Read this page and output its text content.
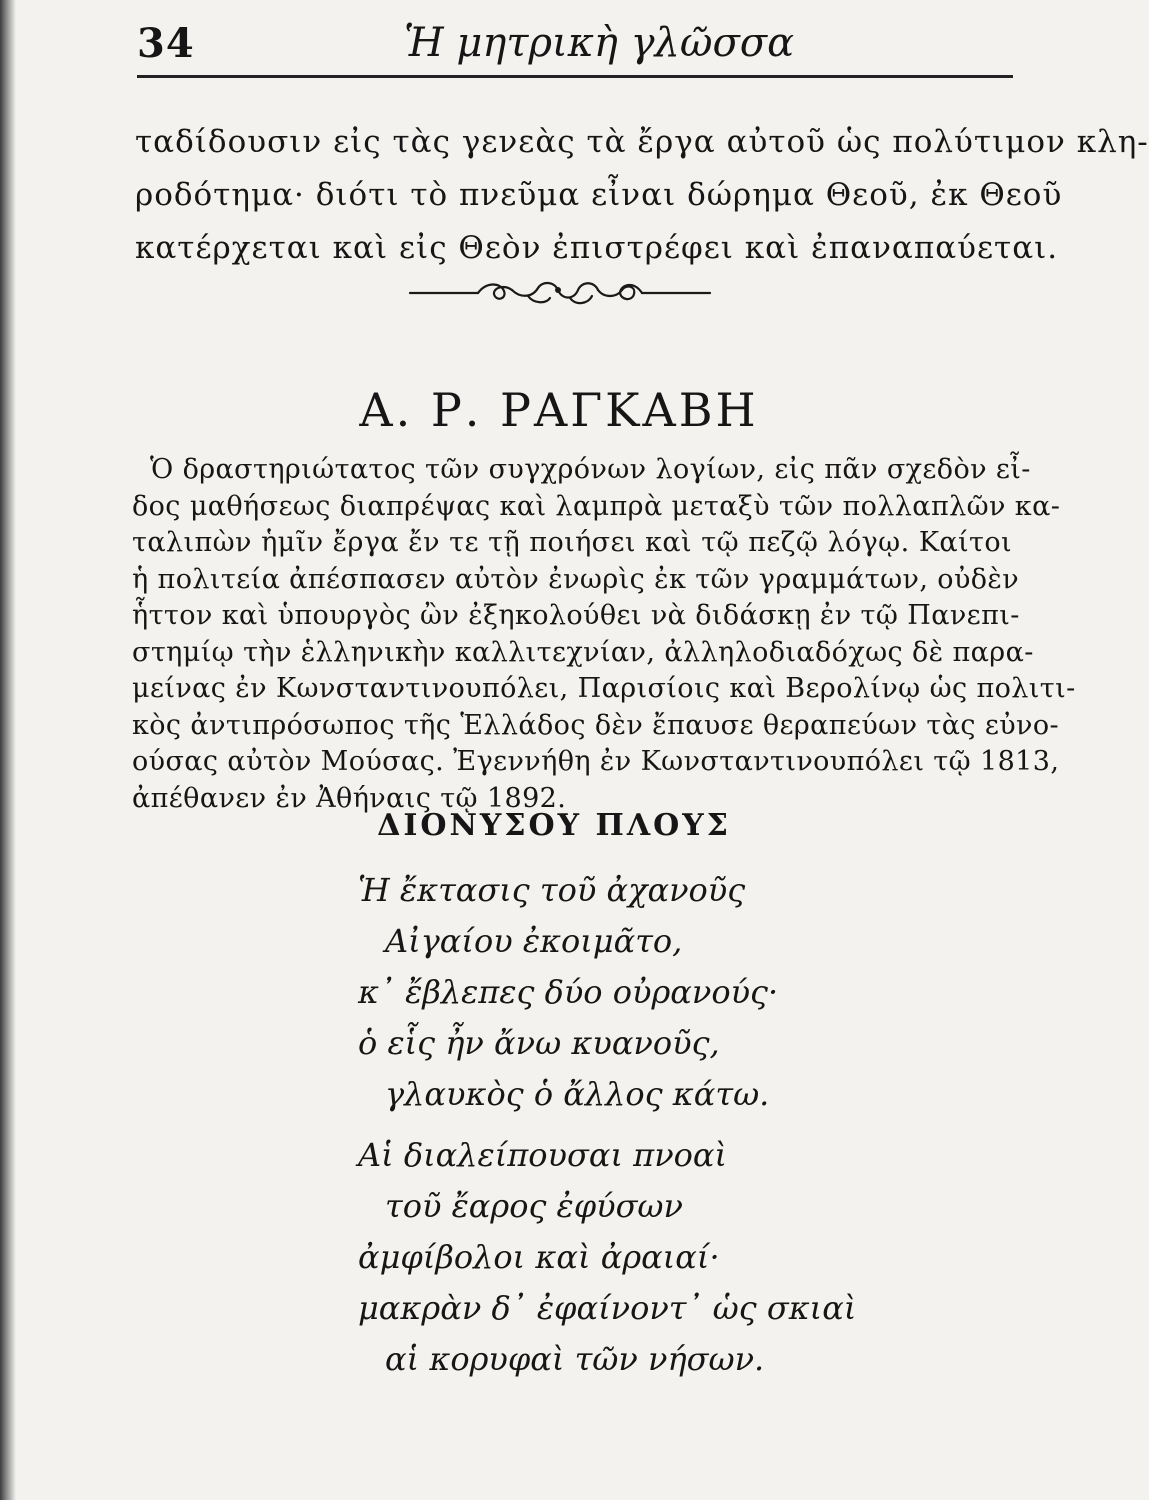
34	Ἡ μητρικὴ γλῶσσα
ταδίδουσιν εἰς τὰς γενεὰς τὰ ἔργα αὐτοῦ ὡς πολύτιμον κλη-
ροδότημα· διότι τὸ πνεῦμα εἶναι δώρημα Θεοῦ, ἐκ Θεοῦ
κατέρχεται καὶ εἰς Θεὸν ἐπιστρέφει καὶ ἐπαναπαύεται.
Α. Ρ. ΡΑΓΚΑΒΗ
Ὁ δραστηριώτατος τῶν συγχρόνων λογίων, εἰς πᾶν σχεδὸν εἶ-
δος μαθήσεως διαπρέψας καὶ λαμπρὰ μεταξὺ τῶν πολλαπλῶν κα-
ταλιπὼν ἡμῖν ἔργα ἔν τε τῇ ποιήσει καὶ τῷ πεζῷ λόγῳ. Καίτοι
ἡ πολιτεία ἀπέσπασεν αὐτὸν ἐνωρὶς ἐκ τῶν γραμμάτων, οὐδὲν
ἧττον καὶ ὑπουργὸς ὢν ἐξηκολούθει νὰ διδάσκῃ ἐν τῷ Πανεπι-
στημίῳ τὴν ἑλληνικὴν καλλιτεχνίαν, ἀλληλοδιαδόχως δὲ παρα-
μείνας ἐν Κωνσταντινουπόλει, Παρισίοις καὶ Βερολίνῳ ὡς πολιτι-
κὸς ἀντιπρόσωπος τῆς Ἑλλάδος δὲν ἔπαυσε θεραπεύων τὰς εὐνο-
ούσας αὐτὸν Μούσας. Ἐγεννήθη ἐν Κωνσταντινουπόλει τῷ 1813,
ἀπέθανεν ἐν Ἀθήναις τῷ 1892.
ΔΙΟΝΥΣΟΥ ΠΛΟΥΣ
Ἡ ἔκτασις τοῦ ἀχανοῦς
Αἰγαίου ἐκοιμᾶτο,
κ᾿ ἔβλεπες δύο οὐρανούς·
ὁ εἷς ἦν ἄνω κυανοῦς,
γλαυκὸς ὁ ἄλλος κάτω.
Αἱ διαλείπουσαι πνοαὶ
τοῦ ἔαρος ἐφύσων
ἀμφίβολοι καὶ ἀραιαί·
μακρὰν δ᾿ ἐφαίνοντ᾿ ὡς σκιαὶ
αἱ κορυφαὶ τῶν νήσων.
